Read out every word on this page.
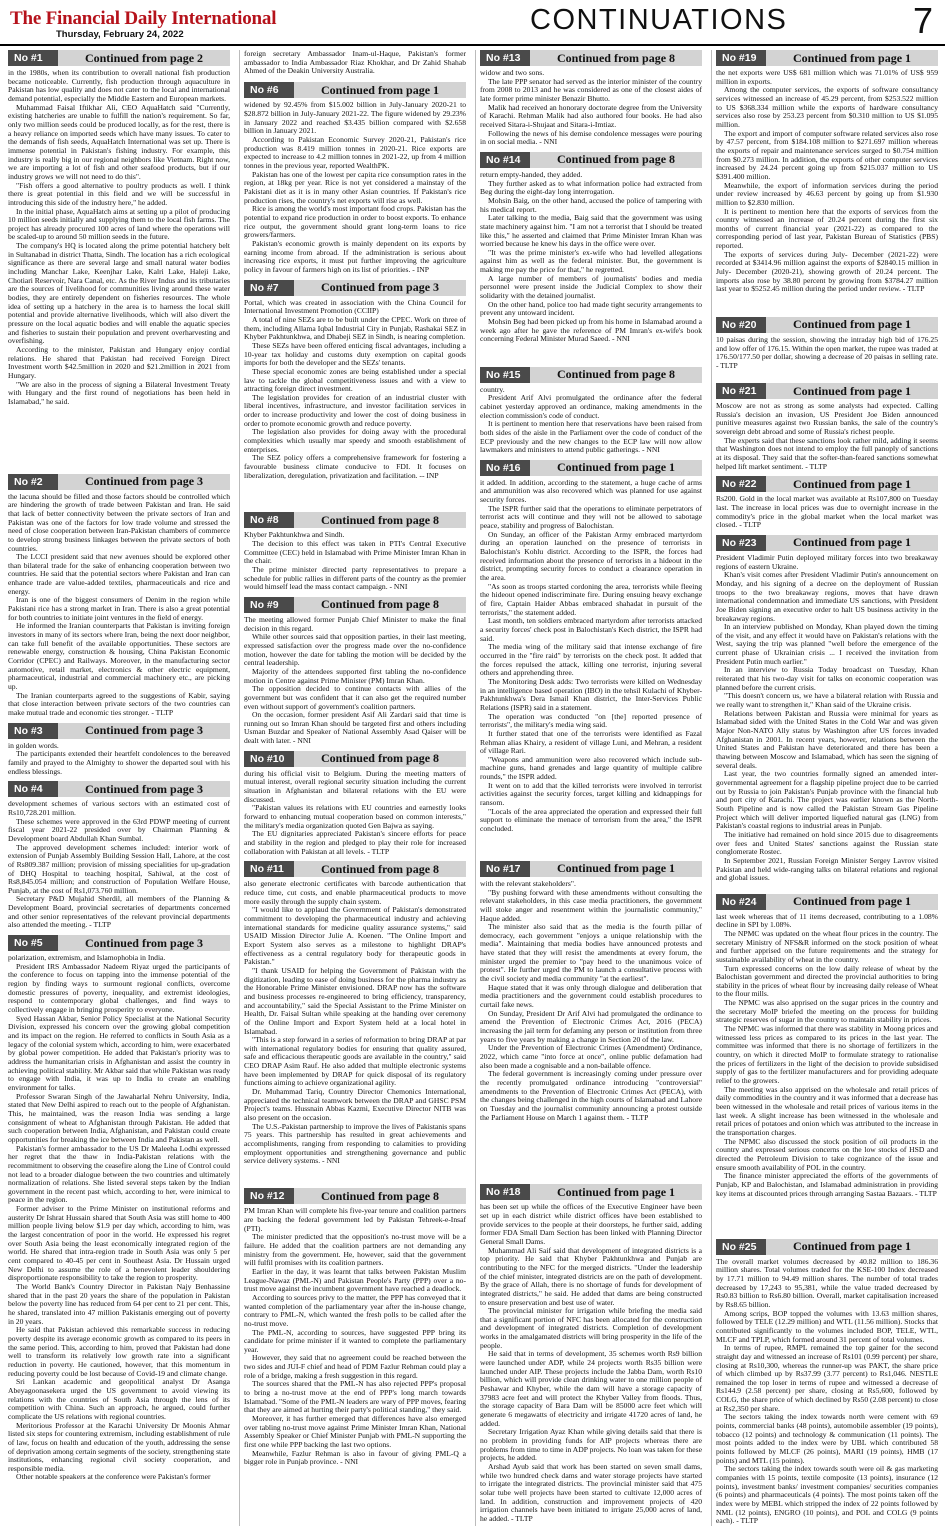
The Financial Daily International
Thursday, February 24, 2022	CONTINUATIONS	7
No #1	Continued from page 2

in the 1980s, when its contribution to overall national fish production became noticeable. Currently, fish production through aquaculture in Pakistan has low quality and does not cater to the local and international demand potential, especially the Middle Eastern and European markets.

Muhammad Faisal Iftikhar Ali, CEO AquaHatch said "Currently, existing hatcheries are unable to fulfill the nation's requirement. So far, only two million seeds could be produced locally, as for the rest, there is a heavy reliance on imported seeds which have many issues. To cater to the demands of fish seeds, AquaHatch International was set up. There is immense potential in Pakistan's fishing industry. For example, this industry is really big in our regional neighbors like Vietnam. Right now, we are importing a lot of fish and other seafood products, but if our industry grows we will not need to do this".

"Fish offers a good alternative to poultry products as well. I think there is great potential in this field and we will be successful in introducing this side of the industry here," he added.

In the initial phase, AquaHatch aims at setting up a pilot of producing 10 million seeds initially and supplying them to the local fish farms. The project has already procured 100 acres of land where the operations will be scaled-up to around 50 million seeds in the future.

The company's HQ is located along the prime potential hatchery belt in Sultanabad in district Thatta, Sindh. The location has a rich ecological significance as there are several large and small natural water bodies including Manchar Lake, Keenjhar Lake, Kalri Lake, Haleji Lake, Chotiari Reservoir, Nara Canal, etc. As the River Indus and its tributaries are the sources of livelihood for communities living around these water bodies, they are entirely dependent on fisheries resources. The whole idea of setting up a hatchery in the area is to harness the local skill potential and provide alternative livelihoods, which will also divert the pressure on the local aquatic bodies and will enable the aquatic species and fisheries to sustain their population and prevent overharvesting and overfishing.

According to the minister, Pakistan and Hungary enjoy cordial relations. He shared that Pakistan had received Foreign Direct Investment worth $42.5million in 2020 and $21.2million in 2021 from Hungary.

"We are also in the process of signing a Bilateral Investment Treaty with Hungary and the first round of negotiations has been held in Islamabad," he said.

No #2	Continued from page 3

the lacuna should be filled and those factors should be controlled which are hindering the growth of trade between Pakistan and Iran. He said that lack of better connectivity between the private sectors of Iran and Pakistan was one of the factors for low trade volume and stressed the need of close cooperation between Iran-Pakistan chambers of commerce to develop strong business linkages between the private sectors of both countries.

The LCCI president said that new avenues should be explored other than bilateral trade for the sake of enhancing cooperation between two countries. He said that the potential sectors where Pakistan and Iran can enhance trade are value-added textiles, pharmaceuticals and rice and energy.

Iran is one of the biggest consumers of Denim in the region while Pakistani rice has a strong market in Iran. There is also a great potential for both countries to initiate joint ventures in the field of energy.

He informed the Iranian counterparts that Pakistan is inviting foreign investors in many of its sectors where Iran, being the next door neighbor, can take full benefit of the available opportunities. These sectors are renewable energy, construction & housing, China Pakistan Economic Corridor (CPEC) and Railways. Moreover, in the manufacturing sector automotive, retail market, electronics & other electric equipment, pharmaceutical, industrial and commercial machinery etc., are picking up.

The Iranian counterparts agreed to the suggestions of Kabir, saying that close interaction between private sectors of the two countries can make mutual trade and economic ties stronger. - TLTP

No #3	Continued from page 3

in golden words.

The participants extended their heartfelt condolences to the bereaved family and prayed to the Almighty to shower the departed soul with his endless blessings.

No #4	Continued from page 3

development schemes of various sectors with an estimated cost of Rs10,728.201 million.

These schemes were approved in the 63rd PDWP meeting of current fiscal year 2021-22 presided over by Chairman Planning & Development board Abdullah Khan Sumbal.

The approved development schemes included: interior work of extension of Punjab Assembly Building Session Hall, Lahore, at the cost of Rs809.387 million; provision of missing specialities for up-gradation of DHQ Hospital to teaching hospital, Sahiwal, at the cost of Rs8,845.054 million; and construction of Population Welfare House, Punjab, at the cost of Rs1,073.760 million.

Secretary P&D Mujahid Sherdil, all members of the Planning & Development Board, provincial secretaries of departments concerned and other senior representatives of the relevant provincial departments also attended the meeting. - TLTP

No #5	Continued from page 3

polarization, extremism, and Islamophobia in India.

President IRS Ambassador Nadeem Riyaz urged the participants of the conference to focus on tapping into the immense potential of the region by finding ways to surmount regional conflicts, overcome domestic pressures of poverty, inequality, and extremist ideologies, respond to contemporary global challenges, and find ways to collectively engage in bringing prosperity to everyone.

Syed Hassan Akbar, Senior Policy Specialist at the National Security Division, expressed his concern over the growing global competition and its impact on the region. He referred to conflicts in South Asia as a legacy of the colonial system which, according to him, were exacerbated by global power competition. He added that Pakistan's priority was to address the humanitarian crisis in Afghanistan and assist the country in achieving political stability. Mr Akbar said that while Pakistan was ready to engage with India, it was up to India to create an enabling environment for talks.

Professor Swaran Singh of the Jawaharlal Nehru University, India, stated that New Delhi aspired to reach out to the people of Afghanistan. This, he maintained, was the reason India was sending a large consignment of wheat to Afghanistan through Pakistan. He added that such cooperation between India, Afghanistan, and Pakistan could create opportunities for breaking the ice between India and Pakistan as well.

Pakistan's former ambassador to the US Dr Maleeha Lodhi expressed her regret that the thaw in India-Pakistan relations with the recommitment to observing the ceasefire along the Line of Control could not lead to a broader dialogue between the two countries and ultimately normalization of relations. She listed several steps taken by the Indian government in the recent past which, according to her, were inimical to peace in the region.

Former adviser to the Prime Minister on institutional reforms and austerity Dr Ishrat Hussain shared that South Asia was still home to 400 million people living below $1.9 per day which, according to him, was the largest concentration of poor in the world. He expressed his regret over South Asia being the least economically integrated region of the world. He shared that intra-region trade in South Asia was only 5 per cent compared to 40-45 per cent in Southeast Asia. Dr Hussain urged New Delhi to assume the role of a benevolent leader shouldering disproportionate responsibility to take the region to prosperity.

The World Bank's Country Director in Pakistan Najy Benhassine shared that in the past 20 years the share of the population in Pakistan below the poverty line has reduced from 64 per cent to 21 per cent. This, he shared, translated into 47 million Pakistanis emerging out of poverty in 20 years.

He said that Pakistan achieved this remarkable success in reducing poverty despite its average economic growth as compared to its peers in the same period. This, according to him, proved that Pakistan had done well to transform its relatively low growth rate into a significant reduction in poverty. He cautioned, however, that this momentum in reducing poverty could be lost because of Covid-19 and climate change.

Sri Lankan academic and geopolitical analyst Dr Asanga Abeyagoonasekera urged the US government to avoid viewing its relations with the countries of South Asia through the lens of its competition with China. Such an approach, he argued, could further complicate the US relations with regional countries.

Meritorious Professor at the Karachi University Dr Moonis Ahmar listed six steps for countering extremism, including establishment of rule of law, focus on health and education of the youth, addressing the sense of deprivation among certain segments of the society, strengthening state institutions, enhancing regional civil society cooperation, and responsible media.

Other notable speakers at the conference were Pakistan's former

foreign secretary Ambassador Inam-ul-Haque, Pakistan's former ambassador to India Ambassador Riaz Khokhar, and Dr Zahid Shahab Ahmed of the Deakin University Australia.

No #6	Continued from page 1

widened by 92.45% from $15.002 billion in July-January 2020-21 to $28.872 billion in July-January 2021-22. The figure widened by 29.23% in January 2022 and reached $3.435 billion compared with $2.658 billion in January 2021.

According to Pakistan Economic Survey 2020-21, Pakistan's rice production was 8.419 million tonnes in 2020-21. Rice exports are expected to increase to 4.2 million tonnes in 2021-22, up from 4 million tonnes in the previous year, reported WealthPK.

Pakistan has one of the lowest per capita rice consumption rates in the region, at 18kg per year. Rice is not yet considered a mainstay of the Pakistani diet as it is in many other Asian countries. If Pakistan's rice production rises, the country's net exports will rise as well.

Rice is among the world's most important food crops. Pakistan has the potential to expand rice production in order to boost exports. To enhance rice output, the government should grant long-term loans to rice growers/farmers.

Pakistan's economic growth is mainly dependent on its exports by earning income from abroad. If the administration is serious about increasing rice exports, it must put further improving the agriculture policy in favour of farmers high on its list of priorities. - INP

No #7	Continued from page 3

Portal, which was created in association with the China Council for International Investment Promotion (CCIIP)

A total of nine SEZs are to be built under the CPEC. Work on three of them, including Allama Iqbal Industrial City in Punjab, Rashakai SEZ in Khyber Pakhtunkhwa, and Dhabeji SEZ in Sindh, is nearing completion.

These SEZs have been offered enticing fiscal advantages, including a 10-year tax holiday and customs duty exemption on capital goods imports for both the developer and the SEZs' tenants.

These special economic zones are being established under a special law to tackle the global competitiveness issues and with a view to attracting foreign direct investment.

The legislation provides for creation of an industrial cluster with liberal incentives, infrastructure, and investor facilitation services in order to increase productivity and lower the cost of doing business in order to promote economic growth and reduce poverty.

The legislation also provides for doing away with the procedural complexities which usually mar speedy and smooth establishment of enterprises.

The SEZ policy offers a comprehensive framework for fostering a favourable business climate conducive to FDI. It focuses on liberalization, deregulation, privatization and facilitation. -- INP

No #8	Continued from page 8

Khyber Pakhtunkhwa and Sindh.

The decision to this effect was taken in PTI's Central Executive Committee (CEC) held in Islamabad with Prime Minister Imran Khan in the chair.

The prime minister directed party representatives to prepare a schedule for public rallies in different parts of the country as the premier would himself lead the mass contact campaign. - NNI

No #9	Continued from page 8

The meeting allowed former Punjab Chief Minister to make the final decision in this regard.

While other sources said that opposition parties, in their last meeting, expressed satisfaction over the progress made over the no-confidence motion, however the date for tabling the motion will be decided by the central leadership.

Majority of the attendees supported first tabling the no-confidence motion in Centre against Prime Minister (PM) Imran Khan.

The opposition decided to continue contacts with allies of the government but was confident that it can also get the required number even without support of government's coalition partners.

On the occasion, former president Asif Ali Zardari said that time is running out so Imran Khan should be targeted first and others including Usman Buzdar and Speaker of National Assembly Asad Qaiser will be dealt with later. - NNI

No #10	Continued from page 8

during his official visit to Belgium. During the meeting matters of mutual interest, overall regional security situation including the current situation in Afghanistan and bilateral relations with the EU were discussed.

"Pakistan values its relations with EU countries and earnestly looks forward to enhancing mutual cooperation based on common interests," the military's media organization quoted Gen Bajwa as saying.

The EU dignitaries appreciated Pakistan's sincere efforts for peace and stability in the region and pledged to play their role for increased collaboration with Pakistan at all levels. - TLTP

No #11	Continued from page 8

also generate electronic certificates with barcode authentication that reduce time, cut costs, and enable pharmaceutical products to move more easily through the supply chain system.

"I would like to applaud the Government of Pakistan's demonstrated commitment to developing the pharmaceutical industry and achieving international standards for medicine quality assurance systems," said USAID Mission Director Julie A. Koenen. "The Online Import and Export System also serves as a milestone to highlight DRAP's effectiveness as a central regulatory body for therapeutic goods in Pakistan."

"I thank USAID for helping the Government of Pakistan with the digitization, leading to ease of doing business for the pharma industry as the Honorable Prime Minister envisioned. DRAP now has the software and business processes re-engineered to bring efficiency, transparency, and accountability," said the Special Assistant to the Prime Minister on Health, Dr. Faisal Sultan while speaking at the handing over ceremony of the Online Import and Export System held at a local hotel in Islamabad.

"This is a step forward in a series of reformation to bring DRAP at par with international regulatory bodies for ensuring that quality assured, safe and efficacious therapeutic goods are available in the country," said CEO DRAP Asim Rauf. He also added that multiple electronic systems have been implemented by DRAP for quick disposal of its regulatory functions aiming to achieve organizational agility.

Dr. Muhammad Tariq, Country Director Chemonics International, appreciated the technical teamwork between the DRAP and GHSC PSM Project's teams. Hussnain Abbas Kazmi, Executive Director NITB was also present on the occasion.

The U.S.-Pakistan partnership to improve the lives of Pakistanis spans 75 years. This partnership has resulted in great achievements and accomplishments, ranging from responding to calamities to providing employment opportunities and strengthening governance and public service delivery systems. - NNI

No #12	Continued from page 8

PM Imran Khan will complete his five-year tenure and coalition partners are backing the federal government led by Pakistan Tehreek-e-Insaf (PTI).

The minister predicted that the opposition's no-trust move will be a failure. He added that the coalition partners are not demanding any ministry from the government. He, however, said that the government will fulfil promises with its coalition partners.

Earlier in the day, it was learnt that talks between Pakistan Muslim League-Nawaz (PML-N) and Pakistan People's Party (PPP) over a no-trust move against the incumbent government have reached a deadlock.

According to sources privy to the matter, the PPP has conveyed that it wanted completion of the parliamentary year after the in-house change, contrary to PML-N, which wanted the fresh polls to be called after the no-trust move.

The PML-N, according to sources, have suggested PPP bring its candidate for prime minister if it wanted to complete the parliamentary year.

However, they said that no agreement could be reached between the two sides and JUI-F chief and head of PDM Fazlur Rehman could play a role of a bridge, making a fresh suggestion in this regard.

The sources shared that the PML-N has also rejected PPP's proposal to bring a no-trust move at the end of PPP's long march towards Islamabad. "Some of the PML-N leaders are wary of PPP moves, fearing that they are aimed at hurting their party's political standing," they said.

Moreover, it has further emerged that differences have also emerged over tabling no-trust move against Prime Minister Imran Khan, National Assembly Speaker or Chief Minister Punjab with PML-N supporting the first one while PPP backing the last two options.

Meanwhile, Fazlur Rehman is also in favour of giving PML-Q a bigger role in Punjab province. - NNI

No #13	Continued from page 8

widow and two sons.

The late PPP senator had served as the interior minister of the country from 2008 to 2013 and he was considered as one of the closest aides of late former prime minister Benazir Bhutto.

Malik had received an honorary doctorate degree from the University of Karachi. Rehman Malik had also authored four books. He had also received Sitara-i-Shujaat and Sitara-i-Imtiaz.

Following the news of his demise condolence messages were pouring in on social media. - NNI

No #14	Continued from page 8

return empty-handed, they added.

They further asked as to what information police had extracted from Beg during the eight-day long interrogation.

Mohsin Baig, on the other hand, accused the police of tampering with his medical report.

Later talking to the media, Baig said that the government was using state machinery against him. "I am not a terrorist that I should be treated like this," he asserted and claimed that Prime Minister Imran Khan was worried because he knew his days in the office were over.

"It was the prime minister's ex-wife who had levelled allegations against him as well as the federal minister. But, the government is making me pay the price for that," he regretted.

A large number of members of journalists' bodies and media personnel were present inside the Judicial Complex to show their solidarity with the detained journalist.

On the other hand, police too had made tight security arrangements to prevent any untoward incident.

Mohsin Beg had been picked up from his home in Islamabad around a week ago after he gave the reference of PM Imran's ex-wife's book concerning Federal Minister Murad Saeed. - NNI

No #15	Continued from page 8

country.

President Arif Alvi promulgated the ordinance after the federal cabinet yesterday approved an ordinance, making amendments in the election commission's code of conduct.

It is pertinent to mention here that reservations have been raised from both sides of the aisle in the Parliament over the code of conduct of the ECP previously and the new changes to the ECP law will now allow lawmakers and ministers to attend public gatherings. - NNI

No #16	Continued from page 1

it added. In addition, according to the statement, a huge cache of arms and ammunition was also recovered which was planned for use against security forces.

The ISPR further said that the operations to eliminate perpetrators of terrorist acts will continue and they will not be allowed to sabotage peace, stability and progress of Balochistan.

On Sunday, an officer of the Pakistan Army embraced martyrdom during an operation launched on the presence of terrorists in Balochistan's Kohlu district. According to the ISPR, the forces had received information about the presence of terrorists in a hideout in the district, prompting security forces to conduct a clearance operation in the area.

"As soon as troops started cordoning the area, terrorists while fleeing the hideout opened indiscriminate fire. During ensuing heavy exchange of fire, Captain Haider Abbas embraced shahadat in pursuit of the terrorists," the statement added.

Last month, ten soldiers embraced martyrdom after terrorists attacked a security forces' check post in Balochistan's Kech district, the ISPR had said.

The media wing of the military said that intense exchange of fire occurred in the "fire raid" by terrorists on the check post. It added that the forces repulsed the attack, killing one terrorist, injuring several others and apprehending three.

The Monitoring Desk adds: Two terrorists were killed on Wednesday in an intelligence based operation (IBO) in the tehsil Kulachi of Khyber-Pakhtunkhwa's Dera Ismail Khan district, the Inter-Services Public Relations (ISPR) said in a statement.

The operation was conducted "on [the] reported presence of terrorists", the military's media wing said.

It further stated that one of the terrorists were identified as Fazal Rehman alias Khairy, a resident of village Luni, and Mehran, a resident of village Rari.

"Weapons and ammunition were also recovered which include sub-machine guns, hand grenades and large quantity of multiple calibre rounds," the ISPR added.

It went on to add that the killed terrorists were involved in terrorist activities against the security forces, target killing and kidnappings for ransom.

"Locals of the area appreciated the operation and expressed their full support to eliminate the menace of terrorism from the area," the ISPR concluded.

No #17	Continued from page 1

with the relevant stakeholders".

"By pushing forward with these amendments without consulting the relevant stakeholders, in this case media practitioners, the government will stoke anger and resentment within the journalistic community," Haque added.

The minister also said that as the media is the fourth pillar of democracy, each government "enjoys a unique relationship with the media". Maintaining that media bodies have announced protests and have stated that they will resist the amendments at every forum, the minister urged the premier to "pay heed to the unanimous voice of protest". He further urged the PM to launch a consultative process with the civil society and media community "at the earliest".

Haque stated that it was only through dialogue and deliberation that media practitioners and the government could establish procedures to curtail fake news.

On Sunday, President Dr Arif Alvi had promulgated the ordinance to amend the Prevention of Electronic Crimes Act, 2016 (PECA) increasing the jail term for defaming any person or institution from three years to five years by making a change in Section 20 of the law.

Under the Prevention of Electronic Crimes (Amendment) Ordinance, 2022, which came "into force at once", online public defamation had also been made a cognisable and a non-bailable offence.

The federal government is increasingly coming under pressure over the recently promulgated ordinance introducing "controversial" amendments to the Prevention of Electronic Crimes Act (PECA), with the changes being challenged in the high courts of Islamabad and Lahore on Tuesday and the journalist community announcing a protest outside the Parliament House on March 1 against them. - TLTP

No #18	Continued from page 1

has been set up while the offices of the Executive Engineer have been set up in each district while district offices have been established to provide services to the people at their doorsteps, he further said, adding former FDA Small Dam Section has been linked with Planning Director General Small Dams.

Muhammad Ali Saif said that development of integrated districts is a top priority. He said that Khyber Pakhtunkhwa and Punjab are contributing to the NFC for the merged districts. "Under the leadership of the chief minister, integrated districts are on the path of development. By the grace of Allah, there is no shortage of funds for development of integrated districts," he said. He added that dams are being constructed to ensure preservation and best use of water.

The provincial minister for irrigation while briefing the media said that a significant portion of NFC has been allocated for the construction and development of integrated districts. Completion of development works in the amalgamated districts will bring prosperity in the life of the people.

He said that in terms of development, 35 schemes worth Rs9 billion were launched under ADP, while 24 projects worth Rs35 billion were launched under AIP. These projects include the Jabba Dam, worth Rs10 billion, which will provide clean drinking water to one million people of Peshawar and Khyber, while the dam will have a storage capacity of 37983 acre feet and will protect the Khyber Valley from floods. Thus, the storage capacity of Bara Dam will be 85000 acre feet which will generate 6 megawatts of electricity and irrigate 41720 acres of land, he added.

Secretary Irrigation Ayaz Khan while giving details said that there is no problem in providing funds for AIP projects whereas there are problems from time to time in ADP projects. No loan was taken for these projects, he added.

Arshad Ayub said that work has been started on seven small dams, while two hundred check dams and water storage projects have started to irrigate the integrated districts. The provincial minister said that 475 solar tube well projects have been started to cultivate 12,000 acres of land. In addition, construction and improvement projects of 420 irrigation channels have been initiated to irrigate 25,000 acres of land, he added. - TLTP

No #19	Continued from page 1

the net exports were US$ 681 million which was 71.01% of US$ 959 million in exports.

Among the computer services, the exports of software consultancy services witnessed an increase of 45.29 percent, from $253.522 million to US $368.334 million while the exports of hardware consultancy services also rose by 253.23 percent from $0.310 million to US $1.095 million.

The export and import of computer software related services also rose by 47.57 percent, from $184.108 million to $271.697 million whereas the exports of repair and maintenance services surged to $0.754 million from $0.273 million. In addition, the exports of other computer services increased by 24.24 percent going up from $215.037 million to US $391.400 million.

Meanwhile, the export of information services during the period under review increased by 46.63 percent by going up from $1.930 million to $2.830 million.

It is pertinent to mention here that the exports of services from the country witnessed an increase of 20.24 percent during the first six months of current financial year (2021-22) as compared to the corresponding period of last year, Pakistan Bureau of Statistics (PBS) reported.

The exports of services during July- December (2021-22) were recorded at $3414.96 million against the exports of $2840.15 million in July- December (2020-21), showing growth of 20.24 percent. The imports also rose by 38.80 percent by growing from $3784.27 million last year to $5252.45 million during the period under review. - TLTP

No #20	Continued from page 1

10 paisas during the session, showing the intraday high bid of 176.25 and low offer of 176.15. Within the open market, the rupee was traded at 176.50/177.50 per dollar, showing a decrease of 20 paisas in selling rate. - TLTP

No #21	Continued from page 1

Moscow are not as strong as some analysts had expected. Calling Russia's decision an invasion, US President Joe Biden announced punitive measures against two Russian banks, the sale of the country's sovereign debt abroad and some of Russia's richest people.

The experts said that these sanctions look rather mild, adding it seems that Washington does not intend to employ the full panoply of sanctions at its disposal. They said that the softer-than-feared sanctions somewhat helped lift market sentiment. - TLTP

No #22	Continued from page 1

Rs200. Gold in the local market was available at Rs107,800 on Tuesday last. The increase in local prices was due to overnight increase in the commodity's price in the global market when the local market was closed. - TLTP

No #23	Continued from page 1

President Vladimir Putin deployed military forces into two breakaway regions of eastern Ukraine.

Khan's visit comes after President Vladimir Putin's announcement on Monday, and his signing of a decree on the deployment of Russian troops to the two breakaway regions, moves that have drawn international condemnation and immediate US sanctions, with President Joe Biden signing an executive order to halt US business activity in the breakaway regions.

In an interview published on Monday, Khan played down the timing of the visit, and any effect it would have on Pakistan's relations with the West, saying the trip was planned "well before the emergence of the current phase of Ukrainian crisis ... I received the invitation from President Putin much earlier."

In an interview to Russia Today broadcast on Tuesday, Khan reiterated that his two-day visit for talks on economic cooperation was planned before the current crisis.

"This doesn't concern us, we have a bilateral relation with Russia and we really want to strengthen it," Khan said of the Ukraine crisis.

Relations between Pakistan and Russia were minimal for years as Islamabad sided with the United States in the Cold War and was given Major Non-NATO Ally status by Washington after US forces invaded Afghanistan in 2001. In recent years, however, relations between the United States and Pakistan have deteriorated and there has been a thawing between Moscow and Islamabad, which has seen the signing of several deals.

Last year, the two countries formally signed an amended inter-governmental agreement for a flagship pipeline project due to be carried out by Russia to join Pakistan's Punjab province with the financial hub and port city of Karachi. The project was earlier known as the North-South Pipeline and is now called the Pakistan Stream Gas Pipeline Project which will deliver imported liquefied natural gas (LNG) from Pakistan's coastal regions to industrial areas in Punjab.

The initiative had remained on hold since 2015 due to disagreements over fees and United States' sanctions against the Russian state conglomerate Rostec.

In September 2021, Russian Foreign Minister Sergey Lavrov visited Pakistan and held wide-ranging talks on bilateral relations and regional and global issues.

No #24	Continued from page 1

last week whereas that of 11 items decreased, contributing to a 1.08% decline in SPI by 1.08%.

The NPMC was updated on the wheat flour prices in the country. The secretary Ministry of NFS&R informed on the stock position of wheat and further apprised on the future requirements and the strategy for sustainable availability of wheat in the country.

Turn expressed concerns on the low daily release of wheat by the Balochistan government and directed the provincial authorities to bring stability in the prices of wheat flour by increasing daily release of Wheat to the flour mills.

The NPMC was also apprised on the sugar prices in the country and the secretary MoIP briefed the meeting on the process for building strategic reserves of sugar in the country to maintain stability in prices.

The NPMC was informed that there was stability in Moong prices and witnessed less prices as compared to its prices in the last year. The committee was informed that there is no shortage of fertilizers in the country, on which it directed MoIP to formulate strategy to rationalise the prices of fertilizers in the light of the decision to provide subsidised supply of gas to the fertilizer manufacturers and for providing adequate relief to the growers.

The meeting was also apprised on the wholesale and retail prices of daily commodities in the country and it was informed that a decrease has been witnessed in the wholesale and retail prices of various items in the last week. A slight increase has been witnessed in the wholesale and retail prices of potatoes and onion which was attributed to the increase in the transportation charges.

The NPMC also discussed the stock position of oil products in the country and expressed serious concerns on the low stocks of HSD and directed the Petroleum Division to take cognizance of the issue and ensure smooth availability of POL in the country.

The finance minister appreciated the efforts of the governments of Punjab, KP and Balochistan, and Islamabad administration in providing key items at discounted prices through arranging Sastaa Bazaars. - TLTP

No #25	Continued from page 1

The overall market volumes decreased by 40.82 million to 186.36 million shares. Total volumes traded for the KSE-100 Index decreased by 17.71 million to 94.49 million shares. The number of total trades decreased by 17,243 to 95,381, while the value traded decreased by Rs0.83 billion to Rs6.80 billion. Overall, market capitalisation increased by Rs8.65 billion.

Among scrips, BOP topped the volumes with 13.63 million shares, followed by TELE (12.29 million) and WTL (11.56 million). Stocks that contributed significantly to the volumes included BOP, TELE, WTL, MLCF and TPLP, which formed around 31 percent of total volumes.

In terms of rupee, RMPL remained the top gainer for the second straight day and witnessed an increase of Rs101 (0.99 percent) per share, closing at Rs10,300, whereas the runner-up was PAKT, the share price of which climbed up by Rs37.99 (3.77 percent) to Rs1,046. NESTLE remained the top loser in terms of rupee and witnessed a decrease of Rs144.9 (2.58 percent) per share, closing at Rs5,600, followed by COLG, the share price of which declined by Rs50 (2.08 percent) to close at Rs2,350 per share.

The sectors taking the index towards north were cement with 69 points, commercial banks (48 points), automobile assembler (19 points), tobacco (12 points) and technology & communication (11 points). The most points added to the index were by UBL which contributed 58 points followed by MLCF (26 points), MARI (19 points), HMB (17 points) and MTL (15 points).

The sectors taking the index towards south were oil & gas marketing companies with 15 points, textile composite (13 points), insurance (12 points), investment banks/ investment companies/ securities companies (6 points) and pharmaceuticals (4 points). The most points taken off the index were by MEBL which stripped the index of 22 points followed by NML (12 points), ENGRO (10 points), and POL and COLG (9 points each). - TLTP
